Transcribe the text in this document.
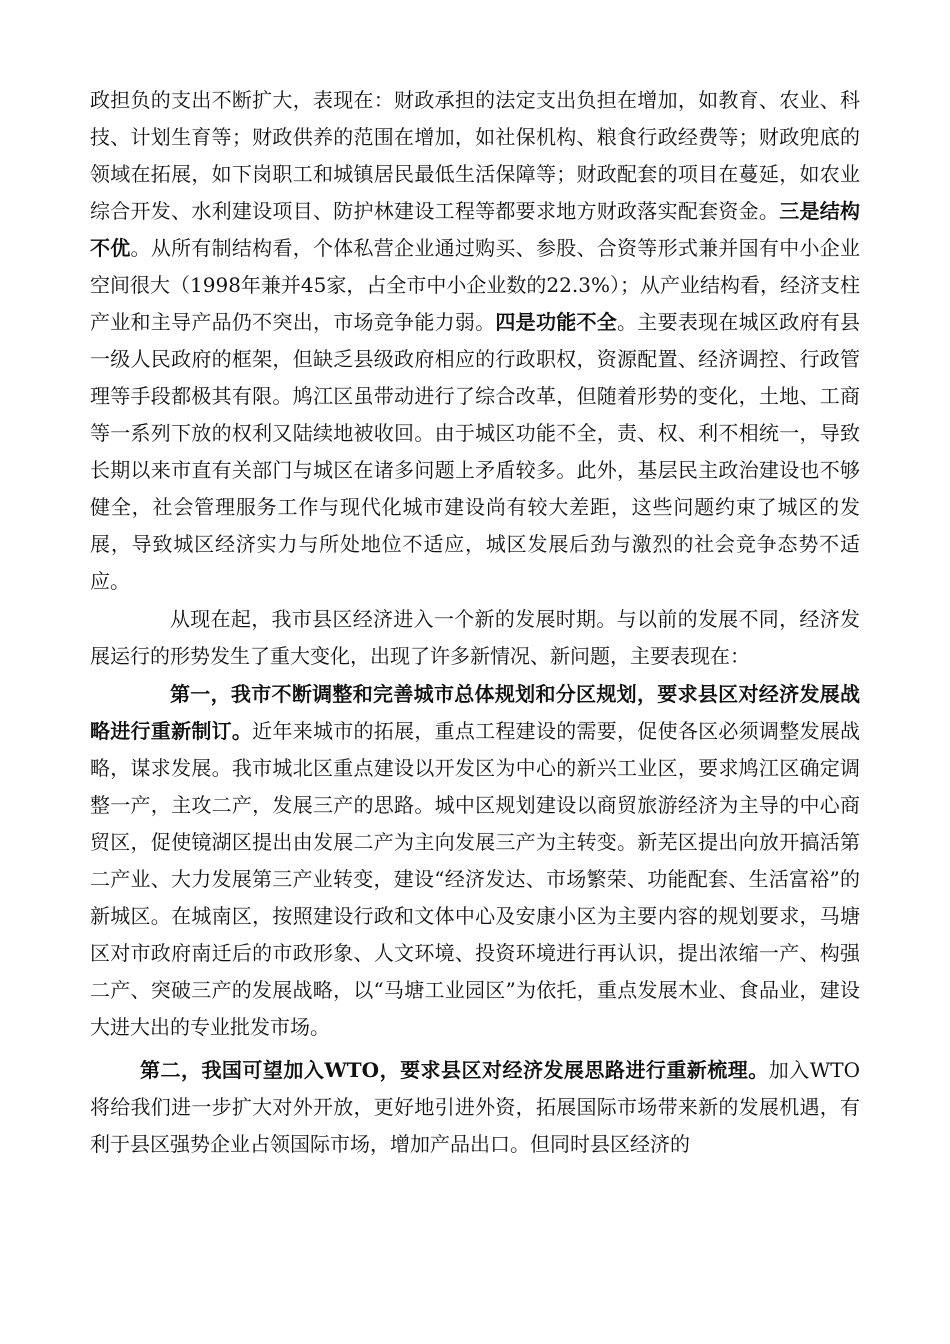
政担负的支出不断扩大，表现在：财政承担的法定支出负担在增加，如教育、农业、科技、计划生育等；财政供养的范围在增加，如社保机构、粮食行政经费等；财政兜底的领域在拓展，如下岗职工和城镇居民最低生活保障等；财政配套的项目在蔓延，如农业综合开发、水利建设项目、防护林建设工程等都要求地方财政落实配套资金。三是结构不优。从所有制结构看，个体私营企业通过购买、参股、合资等形式兼并国有中小企业空间很大（1998年兼并45家，占全市中小企业数的22.3%）；从产业结构看，经济支柱产业和主导产品仍不突出，市场竞争能力弱。四是功能不全。主要表现在城区政府有县一级人民政府的框架，但缺乏县级政府相应的行政职权，资源配置、经济调控、行政管理等手段都极其有限。鸠江区虽带动进行了综合改革，但随着形势的变化，土地、工商等一系列下放的权利又陆续地被收回。由于城区功能不全，责、权、利不相统一，导致长期以来市直有关部门与城区在诸多问题上矛盾较多。此外，基层民主政治建设也不够健全，社会管理服务工作与现代化城市建设尚有较大差距，这些问题约束了城区的发展，导致城区经济实力与所处地位不适应，城区发展后劲与激烈的社会竞争态势不适应。

从现在起，我市县区经济进入一个新的发展时期。与以前的发展不同，经济发展运行的形势发生了重大变化，出现了许多新情况、新问题，主要表现在：

第一，我市不断调整和完善城市总体规划和分区规划，要求县区对经济发展战略进行重新制订。近年来城市的拓展，重点工程建设的需要，促使各区必须调整发展战略，谋求发展。我市城北区重点建设以开发区为中心的新兴工业区，要求鸠江区确定调整一产，主攻二产，发展三产的思路。城中区规划建设以商贸旅游经济为主导的中心商贸区，促使镜湖区提出由发展二产为主向发展三产为主转变。新芜区提出向放开搞活第二产业、大力发展第三产业转变，建设“经济发达、市场繁荣、功能配套、生活富裕”的新城区。在城南区，按照建设行政和文体中心及安康小区为主要内容的规划要求，马塘区对市政府南迁后的市政形象、人文环境、投资环境进行再认识，提出浓缩一产、构强二产、突破三产的发展战略，以“马塘工业园区”为依托，重点发展木业、食品业，建设大进大出的专业批发市场。

第二，我国可望加入WTO，要求县区对经济发展思路进行重新梳理。加入WTO将给我们进一步扩大对外开放，更好地引进外资，拓展国际市场带来新的发展机遇，有利于县区强势企业占领国际市场，增加产品出口。但同时县区经济的
